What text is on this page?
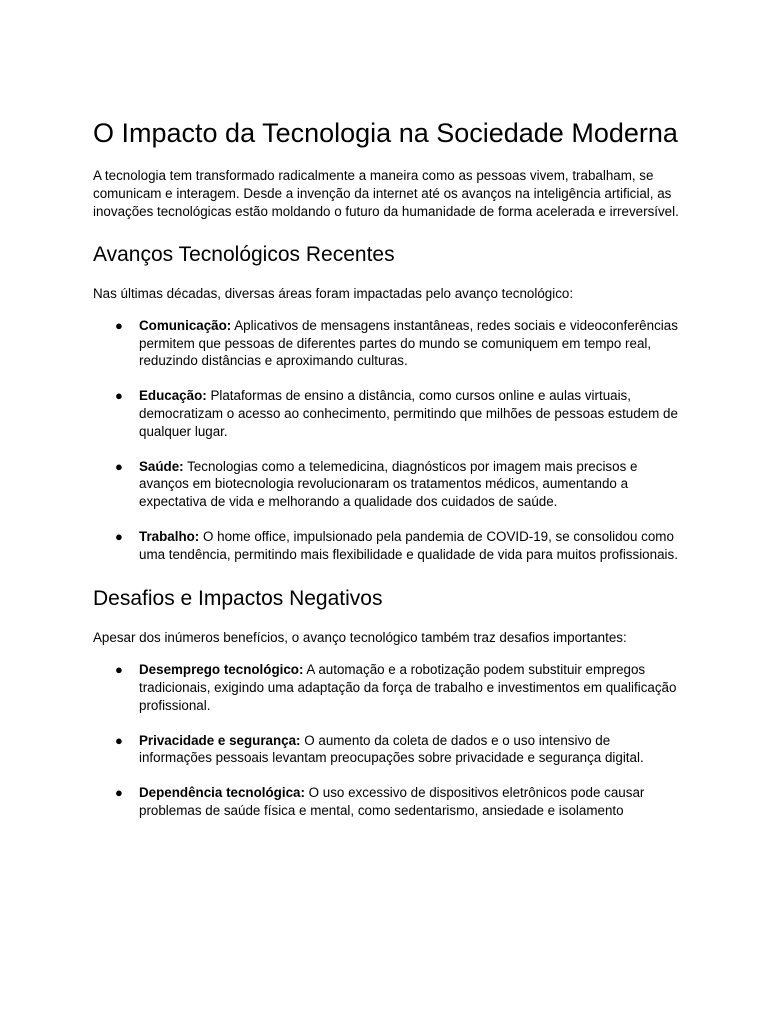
O Impacto da Tecnologia na Sociedade Moderna

A tecnologia tem transformado radicalmente a maneira como as pessoas vivem, trabalham, se comunicam e interagem. Desde a invenção da internet até os avanços na inteligência artificial, as inovações tecnológicas estão moldando o futuro da humanidade de forma acelerada e irreversível.

Avanços Tecnológicos Recentes

Nas últimas décadas, diversas áreas foram impactadas pelo avanço tecnológico:

● Comunicação: Aplicativos de mensagens instantâneas, redes sociais e videoconferências permitem que pessoas de diferentes partes do mundo se comuniquem em tempo real, reduzindo distâncias e aproximando culturas.
● Educação: Plataformas de ensino a distância, como cursos online e aulas virtuais, democratizam o acesso ao conhecimento, permitindo que milhões de pessoas estudem de qualquer lugar.
● Saúde: Tecnologias como a telemedicina, diagnósticos por imagem mais precisos e avanços em biotecnologia revolucionaram os tratamentos médicos, aumentando a expectativa de vida e melhorando a qualidade dos cuidados de saúde.
● Trabalho: O home office, impulsionado pela pandemia de COVID-19, se consolidou como uma tendência, permitindo mais flexibilidade e qualidade de vida para muitos profissionais.
Desafios e Impactos Negativos

Apesar dos inúmeros benefícios, o avanço tecnológico também traz desafios importantes:

● Desemprego tecnológico: A automação e a robotização podem substituir empregos tradicionais, exigindo uma adaptação da força de trabalho e investimentos em qualificação profissional.
● Privacidade e segurança: O aumento da coleta de dados e o uso intensivo de informações pessoais levantam preocupações sobre privacidade e segurança digital.
● Dependência tecnológica: O uso excessivo de dispositivos eletrônicos pode causar problemas de saúde física e mental, como sedentarismo, ansiedade e isolamento
